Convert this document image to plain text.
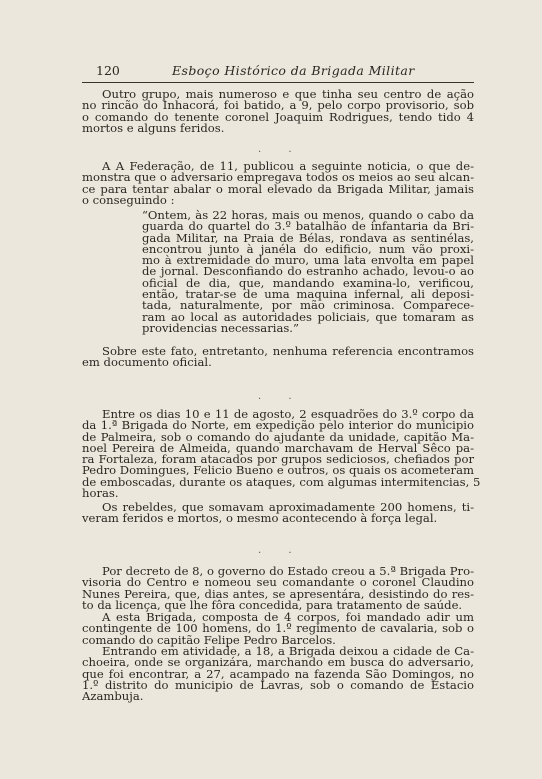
120	Esboço Histórico da Brigada Militar
Outro grupo, mais numeroso e que tinha seu centro de ação
no rincão do Inhacorá, foi batido, a 9, pelo corpo provisorio, sob
o comando do tenente coronel Joaquim Rodrigues, tendo tido 4
mortos e alguns feridos.
. .
A A Federação, de 11, publicou a seguinte noticia, o que de-
monstra que o adversario empregava todos os meios ao seu alcan-
ce para tentar abalar o moral elevado da Brigada Militar, jamais
o conseguindo :
“Ontem, às 22 horas, mais ou menos, quando o cabo da
guarda do quartel do 3.º batalhão de infantaria da Bri-
gada Militar, na Praia de Bélas, rondava as sentinélas,
encontrou junto à janéla do edificio, num vão proxi-
mo à extremidade do muro, uma lata envolta em papel
de jornal. Desconfiando do estranho achado, levou-o ao
oficial de dia, que, mandando examina-lo, verificou,
então, tratar-se de uma maquina infernal, ali deposi-
tada, naturalmente, por mão criminosa. Comparece-
ram ao local as autoridades policiais, que tomaram as
providencias necessarias.”
Sobre este fato, entretanto, nenhuma referencia encontramos
em documento oficial.
. .
Entre os dias 10 e 11 de agosto, 2 esquadrões do 3.º corpo da
da 1.ª Brigada do Norte, em expedição pelo interior do municipio
de Palmeira, sob o comando do ajudante da unidade, capitão Ma-
noel Pereira de Almeida, quando marchavam de Herval Sêco pa-
ra Fortaleza, foram atacados por grupos sediciosos, chefiados por
Pedro Domingues, Felicio Bueno e outros, os quais os acometeram
de emboscadas, durante os ataques, com algumas intermitencias, 5
horas.
Os rebeldes, que somavam aproximadamente 200 homens, ti-
veram feridos e mortos, o mesmo acontecendo à força legal.
. .
Por decreto de 8, o governo do Estado creou a 5.ª Brigada Pro-
visoria do Centro e nomeou seu comandante o coronel Claudino
Nunes Pereira, que, dias antes, se apresentára, desistindo do res-
to da licença, que lhe fôra concedida, para tratamento de saúde.
A esta Brigada, composta de 4 corpos, foi mandado adir um
contingente de 100 homens, do 1.º regimento de cavalaria, sob o
comando do capitão Felipe Pedro Barcelos.
Entrando em atividade, a 18, a Brigada deixou a cidade de Ca-
choeira, onde se organizára, marchando em busca do adversario,
que foi encontrar, a 27, acampado na fazenda São Domingos, no
1.º distrito do municipio de Lavras, sob o comando de Estacio
Azambuja.
